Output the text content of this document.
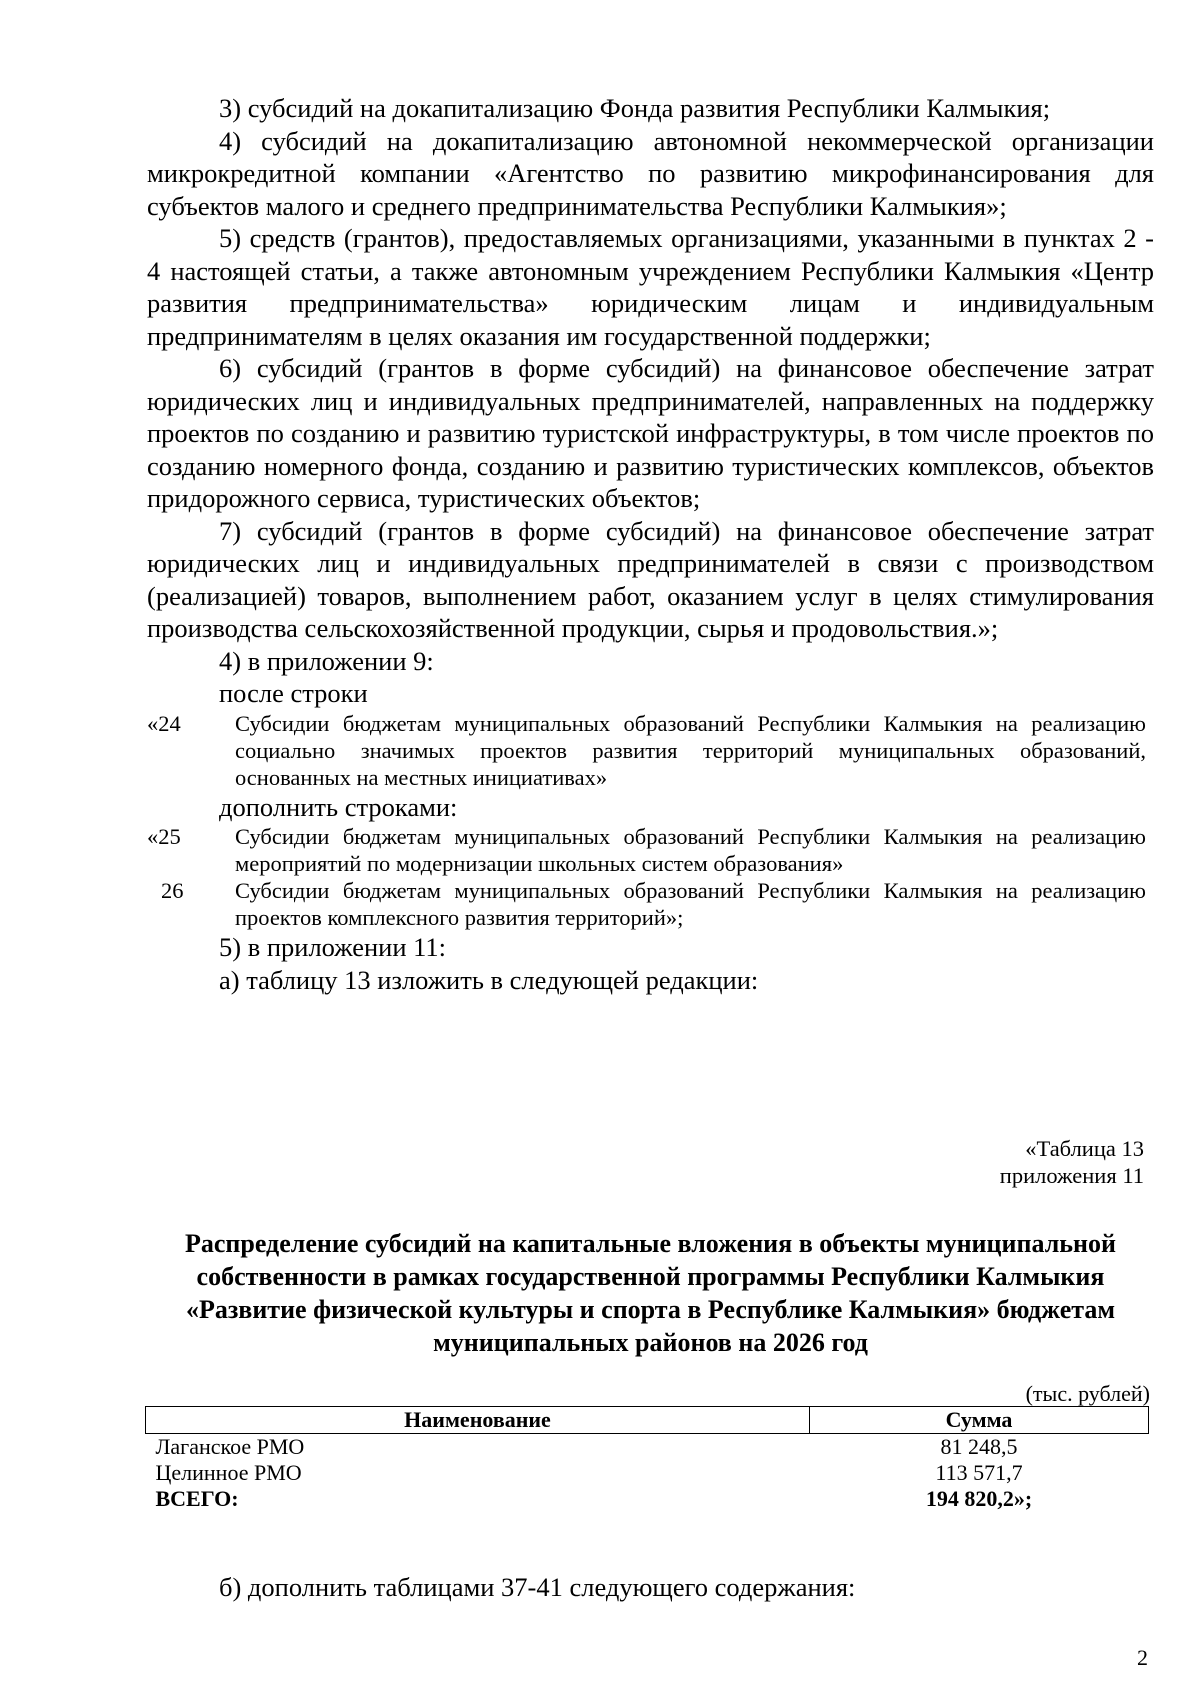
3) субсидий на докапитализацию Фонда развития Республики Калмыкия;

4) субсидий на докапитализацию автономной некоммерческой организации микрокредитной компании «Агентство по развитию микрофинансирования для субъектов малого и среднего предпринимательства Республики Калмыкия»;

5) средств (грантов), предоставляемых организациями, указанными в пунктах 2 - 4 настоящей статьи, а также автономным учреждением Республики Калмыкия «Центр развития предпринимательства» юридическим лицам и индивидуальным предпринимателям в целях оказания им государственной поддержки;

6) субсидий (грантов в форме субсидий) на финансовое обеспечение затрат юридических лиц и индивидуальных предпринимателей, направленных на поддержку проектов по созданию и развитию туристской инфраструктуры, в том числе проектов по созданию номерного фонда, созданию и развитию туристических комплексов, объектов придорожного сервиса, туристических объектов;

7) субсидий (грантов в форме субсидий) на финансовое обеспечение затрат юридических лиц и индивидуальных предпринимателей в связи с производством (реализацией) товаров, выполнением работ, оказанием услуг в целях стимулирования производства сельскохозяйственной продукции, сырья и продовольствия.»;

4) в приложении 9:

после строки

«24	Субсидии бюджетам муниципальных образований Республики Калмыкия на реализацию социально значимых проектов развития территорий муниципальных образований, основанных на местных инициативах»

дополнить строками:

«25	Субсидии бюджетам муниципальных образований Республики Калмыкия на реализацию мероприятий по модернизации школьных систем образования»
26	Субсидии бюджетам муниципальных образований Республики Калмыкия на реализацию проектов комплексного развития территорий»;

5) в приложении 11:

а) таблицу 13 изложить в следующей редакции:

«Таблица 13
приложения 11
Распределение субсидий на капитальные вложения в объекты муниципальной собственности в рамках государственной программы Республики Калмыкия «Развитие физической культуры и спорта в Республике Калмыкия» бюджетам муниципальных районов на 2026 год
(тыс. рублей)
Наименование	Сумма
Лаганское РМО	81 248,5
Целинное РМО	113 571,7
ВСЕГО:	194 820,2»;
б) дополнить таблицами 37-41 следующего содержания:
2
